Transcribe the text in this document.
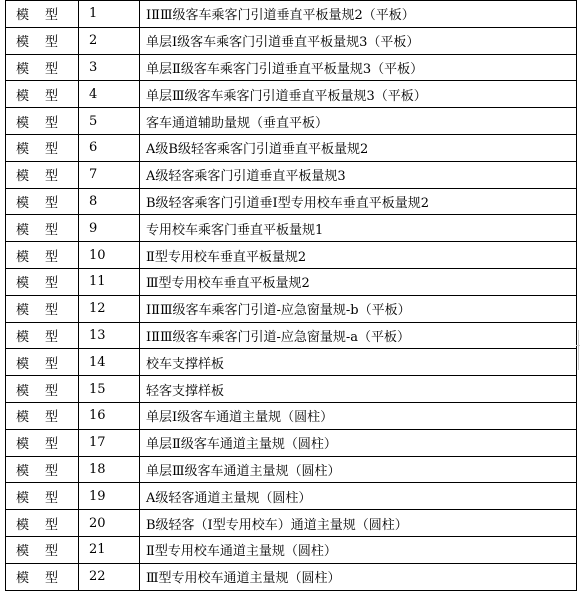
模型	1	ⅠⅡⅢ级客车乘客门引道垂直平板量规2（平板）
模型	2	单层Ⅰ级客车乘客门引道垂直平板量规3（平板）
模型	3	单层Ⅱ级客车乘客门引道垂直平板量规3（平板）
模型	4	单层Ⅲ级客车乘客门引道垂直平板量规3（平板）
模型	5	客车通道辅助量规（垂直平板）
模型	6	A级B级轻客乘客门引道垂直平板量规2
模型	7	A级轻客乘客门引道垂直平板量规3
模型	8	B级轻客乘客门引道垂Ⅰ型专用校车垂直平板量规2
模型	9	专用校车乘客门垂直平板量规1
模型	10	Ⅱ型专用校车垂直平板量规2
模型	11	Ⅲ型专用校车垂直平板量规2
模型	12	ⅠⅡⅢ级客车乘客门引道-应急窗量规-b（平板）
模型	13	ⅠⅡⅢ级客车乘客门引道-应急窗量规-a（平板）
模型	14	校车支撑样板
模型	15	轻客支撑样板
模型	16	单层Ⅰ级客车通道主量规（圆柱）
模型	17	单层Ⅱ级客车通道主量规（圆柱）
模型	18	单层Ⅲ级客车通道主量规（圆柱）
模型	19	A级轻客通道主量规（圆柱）
模型	20	B级轻客（Ⅰ型专用校车）通道主量规（圆柱）
模型	21	Ⅱ型专用校车通道主量规（圆柱）
模型	22	Ⅲ型专用校车通道主量规（圆柱）
